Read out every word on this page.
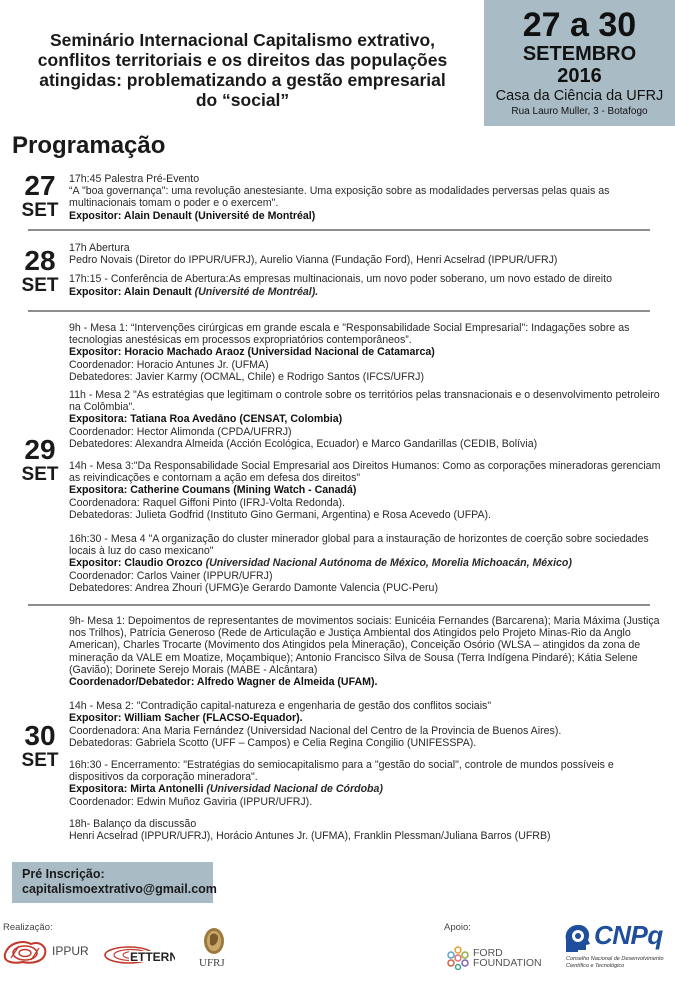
Seminário Internacional Capitalismo extrativo,
conflitos territoriais e os direitos das populações
atingidas: problematizando a gestão empresarial
do “social”
27 a 30
SETEMBRO
2016
Casa da Ciência da UFRJ
Rua Lauro Muller, 3 - Botafogo
Programação
27
SET

17h:45 Palestra Pré-Evento

“A "boa governança": uma revolução anestesiante. Uma exposição sobre as modalidades perversas pelas quais as multinacionais tomam o poder e o exercem".

Expositor: Alain Denault (Université de Montréal)

28
SET

17h Abertura

Pedro Novais (Diretor do IPPUR/UFRJ), Aurelio Vianna (Fundação Ford), Henri Acselrad (IPPUR/UFRJ)

17h:15 - Conferência de Abertura:As empresas multinacionais, um novo poder soberano, um novo estado de direito

Expositor: Alain Denault (Université de Montréal).

29
SET

9h - Mesa 1: “Intervenções cirúrgicas em grande escala e "Responsabilidade Social Empresarial": Indagações sobre as tecnologias anestésicas em processos expropriatórios contemporâneos”.

Expositor: Horacio Machado Araoz (Universidad Nacional de Catamarca)

Coordenador: Horacio Antunes Jr. (UFMA)

Debatedores: Javier Karmy (OCMAL, Chile) e Rodrigo Santos (IFCS/UFRJ)

11h - Mesa 2 "As estratégias que legitimam o controle sobre os territórios pelas transnacionais e o desenvolvimento petroleiro na Colômbia".

Expositora: Tatiana Roa Avedāno (CENSAT, Colombia)

Coordenador: Hector Alimonda (CPDA/UFRRJ)

Debatedores: Alexandra Almeida (Acción Ecológica, Ecuador) e Marco Gandarillas (CEDIB, Bolívia)

14h - Mesa 3:"Da Responsabilidade Social Empresarial aos Direitos Humanos: Como as corporações mineradoras gerenciam as reivindicações e contornam a ação em defesa dos direitos"

Expositora: Catherine Coumans (Mining Watch - Canadá)

Coordenadora: Raquel Giffoni Pinto (IFRJ-Volta Redonda).

Debatedoras: Julieta Godfrid (Instituto Gino Germani, Argentina) e Rosa Acevedo (UFPA).

16h:30 - Mesa 4 "A organização do cluster minerador global para a instauração de horizontes de coerção sobre sociedades locais à luz do caso mexicano"

Expositor: Claudio Orozco (Universidad Nacional Autónoma de México, Morelia Michoacán, México)

Coordenador: Carlos Vainer (IPPUR/UFRJ)

Debatedores: Andrea Zhouri (UFMG)e Gerardo Damonte Valencia (PUC-Peru)

30
SET

9h- Mesa 1: Depoimentos de representantes de movimentos sociais: Eunicéia Fernandes (Barcarena); Maria Máxima (Justiça nos Trilhos), Patrícia Generoso (Rede de Articulação e Justiça Ambiental dos Atingidos pelo Projeto Minas-Rio da Anglo American), Charles Trocarte (Movimento dos Atingidos pela Mineração), Conceição Osório (WLSA – atingidos da zona de mineração da VALE em Moatize, Moçambique); Antonio Francisco Silva de Sousa (Terra Indígena Pindaré); Kátia Selene (Gavião); Dorinete Serejo Morais (MABE - Alcântara)

Coordenador/Debatedor: Alfredo Wagner de Almeida (UFAM).

14h - Mesa 2: "Contradição capital-natureza e engenharia de gestão dos conflitos sociais"

Expositor: William Sacher (FLACSO-Equador).

Coordenadora: Ana Maria Fernández (Universidad Nacional del Centro de la Provincia de Buenos Aires).

Debatedoras: Gabriela Scotto (UFF – Campos) e Celia Regina Congilio (UNIFESSPA).

16h:30 - Encerramento: "Estratégias do semiocapitalismo para a "gestão do social", controle de mundos possíveis e dispositivos da corporação mineradora".

Expositora: Mirta Antonelli (Universidad Nacional de Córdoba)

Coordenador: Edwin Muñoz Gaviria (IPPUR/UFRJ).

18h- Balanço da discussão

Henri Acselrad (IPPUR/UFRJ), Horácio Antunes Jr. (UFMA), Franklin Plessman/Juliana Barros (UFRB)

Pré Inscrição:
capitalismoextrativo@gmail.com
Realização:
IPPUR	ETTERN UFRJ
Apoio:
FORD
FOUNDATION
CNPq
Conselho Nacional de Desenvolvimento
Científico e Tecnológico
